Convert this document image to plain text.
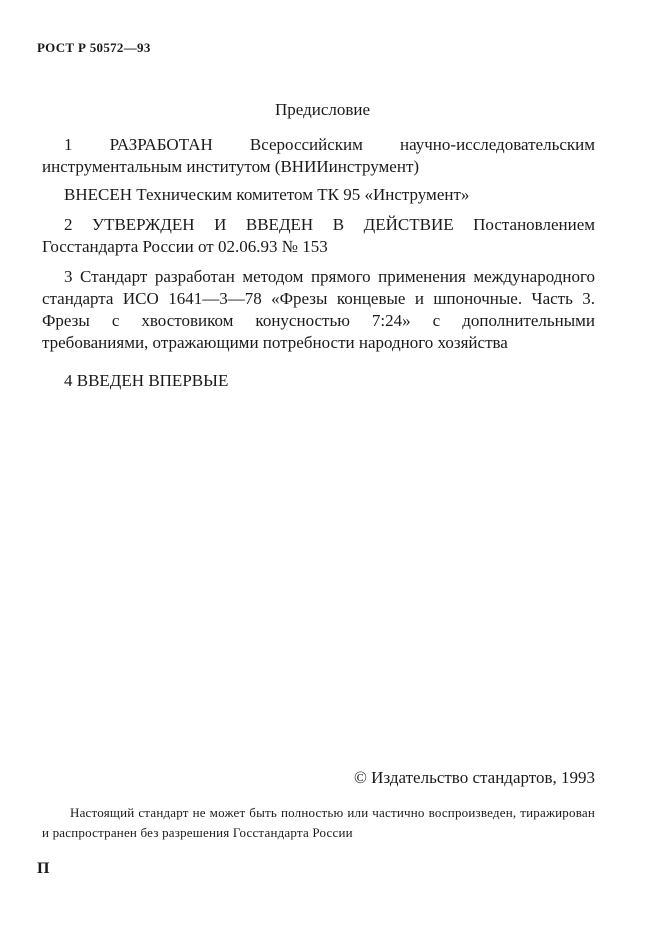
РОСТ Р 50572—93
Предисловие
1 РАЗРАБОТАН Всероссийским научно-исследовательским инструментальным институтом (ВНИИинструмент)
ВНЕСЕН Техническим комитетом ТК 95 «Инструмент»
2 УТВЕРЖДЕН И ВВЕДЕН В ДЕЙСТВИЕ Постановлением Госстандарта России от 02.06.93 № 153
3 Стандарт разработан методом прямого применения международного стандарта ИСО 1641—3—78 «Фрезы концевые и шпоночные. Часть 3. Фрезы с хвостовиком конусностью 7:24» с дополнительными требованиями, отражающими потребности народного хозяйства
4 ВВЕДЕН ВПЕРВЫЕ
© Издательство стандартов, 1993
Настоящий стандарт не может быть полностью или частично воспроизведен, тиражирован и распространен без разрешения Госстандарта России
П
